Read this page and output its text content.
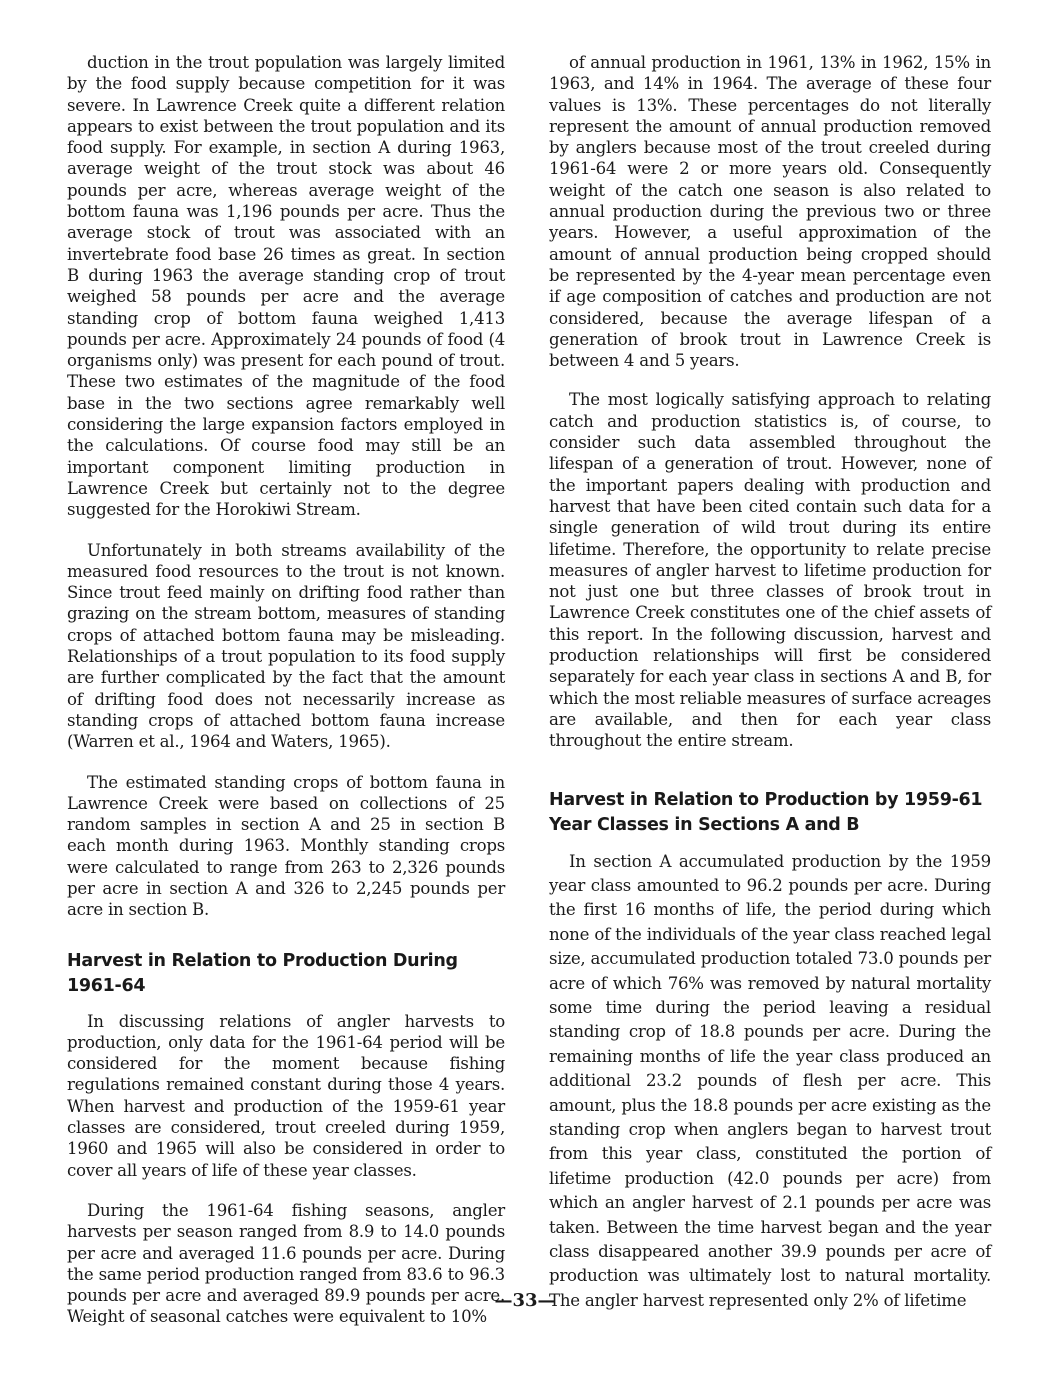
duction in the trout population was largely limited by the food supply because competition for it was severe. In Lawrence Creek quite a different relation appears to exist between the trout population and its food supply. For example, in section A during 1963, average weight of the trout stock was about 46 pounds per acre, whereas average weight of the bottom fauna was 1,196 pounds per acre. Thus the average stock of trout was associated with an invertebrate food base 26 times as great. In section B during 1963 the average standing crop of trout weighed 58 pounds per acre and the average standing crop of bottom fauna weighed 1,413 pounds per acre. Approximately 24 pounds of food (4 organisms only) was present for each pound of trout. These two estimates of the magnitude of the food base in the two sections agree remarkably well considering the large expansion factors employed in the calculations. Of course food may still be an important component limiting production in Lawrence Creek but certainly not to the degree suggested for the Horokiwi Stream.

Unfortunately in both streams availability of the measured food resources to the trout is not known. Since trout feed mainly on drifting food rather than grazing on the stream bottom, measures of standing crops of attached bottom fauna may be misleading. Relationships of a trout population to its food supply are further complicated by the fact that the amount of drifting food does not necessarily increase as standing crops of attached bottom fauna increase (Warren et al., 1964 and Waters, 1965).

The estimated standing crops of bottom fauna in Lawrence Creek were based on collections of 25 random samples in section A and 25 in section B each month during 1963. Monthly standing crops were calculated to range from 263 to 2,326 pounds per acre in section A and 326 to 2,245 pounds per acre in section B.

Harvest in Relation to Production During 1961-64

In discussing relations of angler harvests to production, only data for the 1961-64 period will be considered for the moment because fishing regulations remained constant during those 4 years. When harvest and production of the 1959-61 year classes are considered, trout creeled during 1959, 1960 and 1965 will also be considered in order to cover all years of life of these year classes.

During the 1961-64 fishing seasons, angler harvests per season ranged from 8.9 to 14.0 pounds per acre and averaged 11.6 pounds per acre. During the same period production ranged from 83.6 to 96.3 pounds per acre and averaged 89.9 pounds per acre. Weight of seasonal catches were equivalent to 10%

of annual production in 1961, 13% in 1962, 15% in 1963, and 14% in 1964. The average of these four values is 13%. These percentages do not literally represent the amount of annual production removed by anglers because most of the trout creeled during 1961-64 were 2 or more years old. Consequently weight of the catch one season is also related to annual production during the previous two or three years. However, a useful approximation of the amount of annual production being cropped should be represented by the 4-year mean percentage even if age composition of catches and production are not considered, because the average lifespan of a generation of brook trout in Lawrence Creek is between 4 and 5 years.

The most logically satisfying approach to relating catch and production statistics is, of course, to consider such data assembled throughout the lifespan of a generation of trout. However, none of the important papers dealing with production and harvest that have been cited contain such data for a single generation of wild trout during its entire lifetime. Therefore, the opportunity to relate precise measures of angler harvest to lifetime production for not just one but three classes of brook trout in Lawrence Creek constitutes one of the chief assets of this report. In the following discussion, harvest and production relationships will first be considered separately for each year class in sections A and B, for which the most reliable measures of surface acreages are available, and then for each year class throughout the entire stream.

Harvest in Relation to Production by 1959-61 Year Classes in Sections A and B

In section A accumulated production by the 1959 year class amounted to 96.2 pounds per acre. During the first 16 months of life, the period during which none of the individuals of the year class reached legal size, accumulated production totaled 73.0 pounds per acre of which 76% was removed by natural mortality some time during the period leaving a residual standing crop of 18.8 pounds per acre. During the remaining months of life the year class produced an additional 23.2 pounds of flesh per acre. This amount, plus the 18.8 pounds per acre existing as the standing crop when anglers began to harvest trout from this year class, constituted the portion of lifetime production (42.0 pounds per acre) from which an angler harvest of 2.1 pounds per acre was taken. Between the time harvest began and the year class disappeared another 39.9 pounds per acre of production was ultimately lost to natural mortality. The angler harvest represented only 2% of lifetime

—33—
